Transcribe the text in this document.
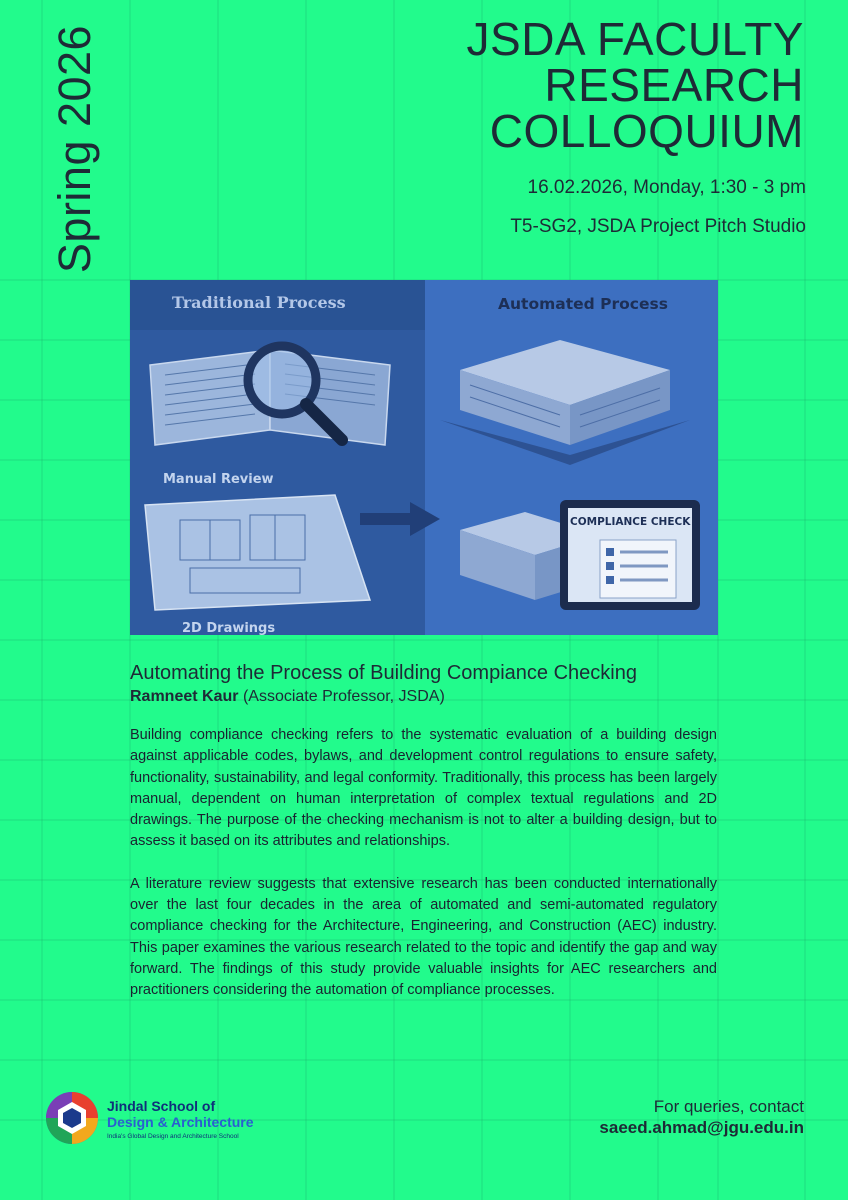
Spring 2026	JSDA FACULTY
RESEARCH
COLLOQUIUM
16.02.2026, Monday, 1:30 - 3 pm
T5-SG2, JSDA Project Pitch Studio
Traditional Process	Automated Process
Manual Review
2D Drawings
COMPLIANCE CHECK
Automating the Process of Building Compiance Checking
Ramneet Kaur (Associate Professor, JSDA)

Building compliance checking refers to the systematic evaluation of a building design against applicable codes, bylaws, and development control regulations to ensure safety, functionality, sustainability, and legal conformity. Traditionally, this process has been largely manual, dependent on human interpretation of complex textual regulations and 2D drawings. The purpose of the checking mechanism is not to alter a building design, but to assess it based on its attributes and relationships.

A literature review suggests that extensive research has been conducted internationally over the last four decades in the area of automated and semi-automated regulatory compliance checking for the Architecture, Engineering, and Construction (AEC) industry. This paper examines the various research related to the topic and identify the gap and way forward. The findings of this study provide valuable insights for AEC researchers and practitioners considering the automation of compliance processes.

Jindal School of
Design & Architecture
India's Global Design and Architecture School
For queries, contact
saeed.ahmad@jgu.edu.in
